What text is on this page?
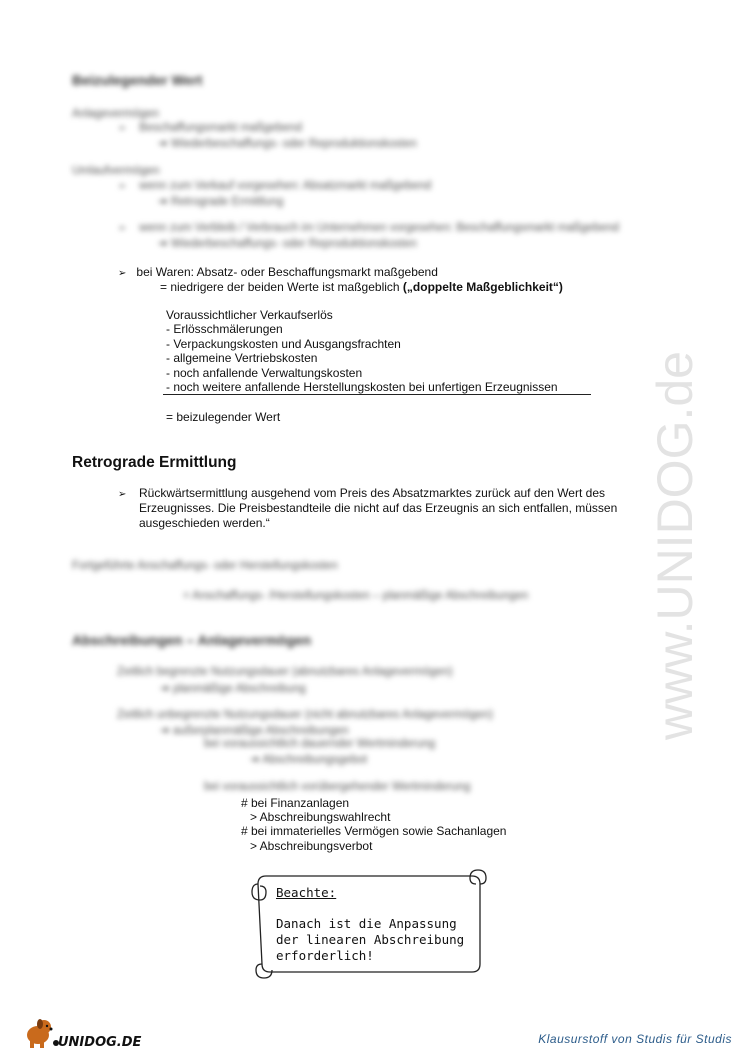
www.UNIDOG.de
Beizulegender Wert
Anlagevermögen
➢ Beschaffungsmarkt maßgebend
➔ Wiederbeschaffungs- oder Reproduktionskosten
Umlaufvermögen
➢ wenn zum Verkauf vorgesehen: Absatzmarkt maßgebend
➔ Retrograde Ermittlung
➢ wenn zum Verbleib / Verbrauch im Unternehmen vorgesehen: Beschaffungsmarkt maßgebend
➔ Wiederbeschaffungs- oder Reproduktionskosten
➢ bei Waren: Absatz- oder Beschaffungsmarkt maßgebend
= niedrigere der beiden Werte ist maßgeblich („doppelte Maßgeblichkeit“)
Voraussichtlicher Verkaufserlös
- Erlösschmälerungen
- Verpackungskosten und Ausgangsfrachten
- allgemeine Vertriebskosten
- noch anfallende Verwaltungskosten
- noch weitere anfallende Herstellungskosten bei unfertigen Erzeugnissen
= beizulegender Wert
Retrograde Ermittlung
➢	Rückwärtsermittlung ausgehend vom Preis des Absatzmarktes zurück auf den Wert des
Erzeugnisses. Die Preisbestandteile die nicht auf das Erzeugnis an sich entfallen, müssen
ausgeschieden werden.“
Fortgeführte Anschaffungs- oder Herstellungskosten
= Anschaffungs- /Herstellungskosten – planmäßige Abschreibungen
Abschreibungen – Anlagevermögen
Zeitlich begrenzte Nutzungsdauer (abnutzbares Anlagevermögen)
➔ planmäßige Abschreibung
Zeitlich unbegrenzte Nutzungsdauer (nicht abnutzbares Anlagevermögen)
➔ außerplanmäßige Abschreibungen
bei voraussichtlich dauernder Wertminderung
➔ Abschreibungsgebot
bei voraussichtlich vorübergehender Wertminderung
# bei Finanzanlagen
> Abschreibungswahlrecht
# bei immaterielles Vermögen sowie Sachanlagen
> Abschreibungsverbot
Beachte:
Danach ist die Anpassung
der linearen Abschreibung
erforderlich!
UNIDOG.DE	Klausurstoff von Studis für Studis
